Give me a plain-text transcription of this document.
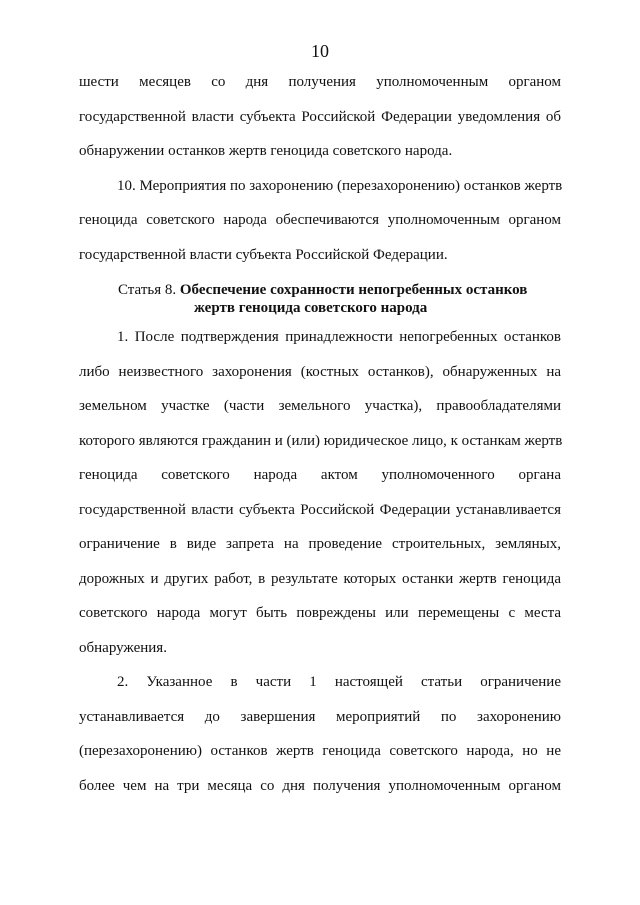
10
шести месяцев со дня получения уполномоченным органом
государственной власти субъекта Российской Федерации уведомления об
обнаружении останков жертв геноцида советского народа.
10. Мероприятия по захоронению (перезахоронению) останков жертв
геноцида советского народа обеспечиваются уполномоченным органом
государственной власти субъекта Российской Федерации.
Статья 8. Обеспечение сохранности непогребенных останков
жертв геноцида советского народа
1. После подтверждения принадлежности непогребенных останков
либо неизвестного захоронения (костных останков), обнаруженных на
земельном участке (части земельного участка), правообладателями
которого являются гражданин и (или) юридическое лицо, к останкам жертв
геноцида советского народа актом уполномоченного органа
государственной власти субъекта Российской Федерации устанавливается
ограничение в виде запрета на проведение строительных, земляных,
дорожных и других работ, в результате которых останки жертв геноцида
советского народа могут быть повреждены или перемещены с места
обнаружения.
2. Указанное в части 1 настоящей статьи ограничение
устанавливается до завершения мероприятий по захоронению
(перезахоронению) останков жертв геноцида советского народа, но не
более чем на три месяца со дня получения уполномоченным органом
